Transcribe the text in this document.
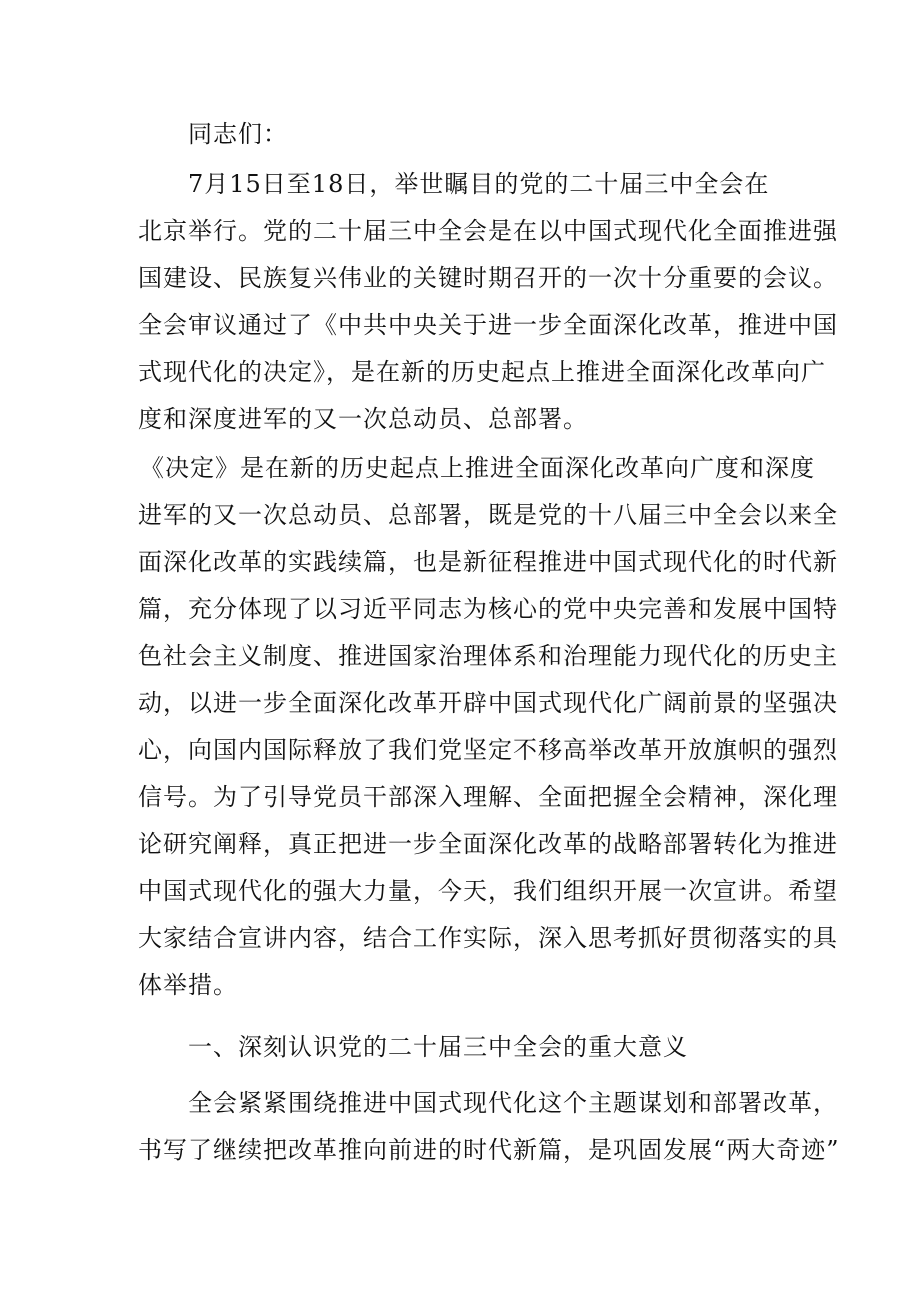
同志们：

7月15日至18日，举世瞩目的党的二十届三中全会在

北京举行。党的二十届三中全会是在以中国式现代化全面推进强

国建设、民族复兴伟业的关键时期召开的一次十分重要的会议。

全会审议通过了《中共中央关于进一步全面深化改革，推进中国

式现代化的决定》，是在新的历史起点上推进全面深化改革向广

度和深度进军的又一次总动员、总部署。

《决定》是在新的历史起点上推进全面深化改革向广度和深度

进军的又一次总动员、总部署，既是党的十八届三中全会以来全

面深化改革的实践续篇，也是新征程推进中国式现代化的时代新

篇，充分体现了以习近平同志为核心的党中央完善和发展中国特

色社会主义制度、推进国家治理体系和治理能力现代化的历史主

动，以进一步全面深化改革开辟中国式现代化广阔前景的坚强决

心，向国内国际释放了我们党坚定不移高举改革开放旗帜的强烈

信号。为了引导党员干部深入理解、全面把握全会精神，深化理

论研究阐释，真正把进一步全面深化改革的战略部署转化为推进

中国式现代化的强大力量，今天，我们组织开展一次宣讲。希望

大家结合宣讲内容，结合工作实际，深入思考抓好贯彻落实的具

体举措。

一、深刻认识党的二十届三中全会的重大意义

全会紧紧围绕推进中国式现代化这个主题谋划和部署改革，

书写了继续把改革推向前进的时代新篇，是巩固发展“两大奇迹”
